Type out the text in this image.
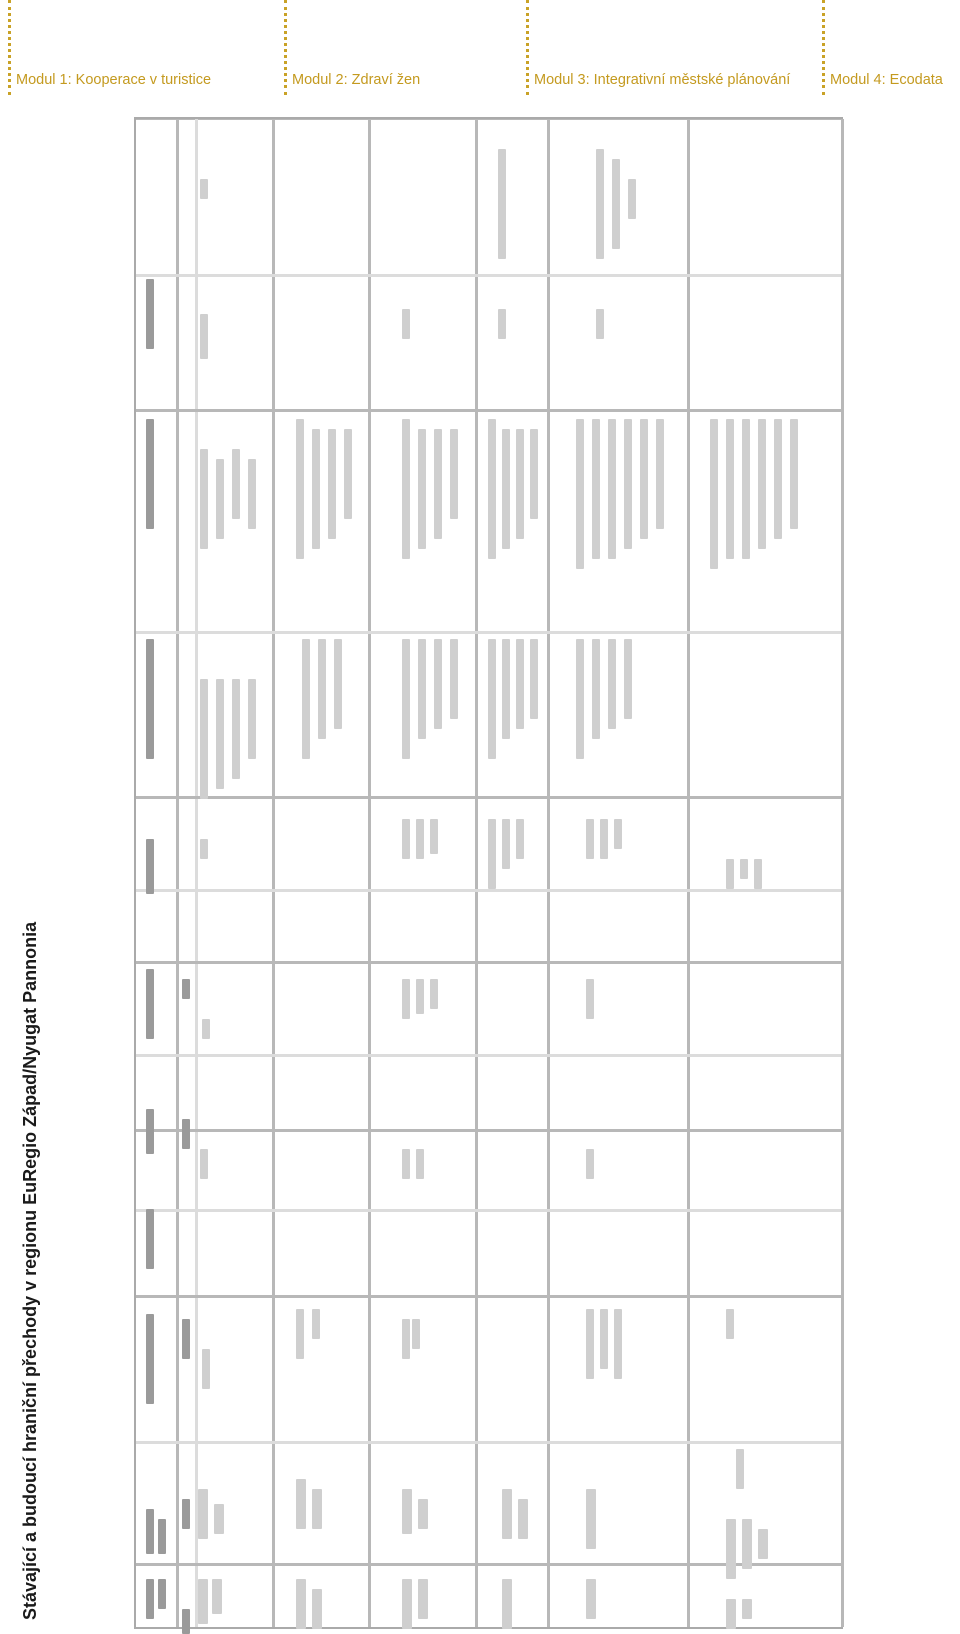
Modul 1: Kooperace v turistice	Modul 2: Zdraví žen	Modul 3: Integrativní městské plánování	Modul 4: Ecodata
Stávající a budoucí hraniční přechody v regionu EuRegio Západ/Nyugat Pannonia
